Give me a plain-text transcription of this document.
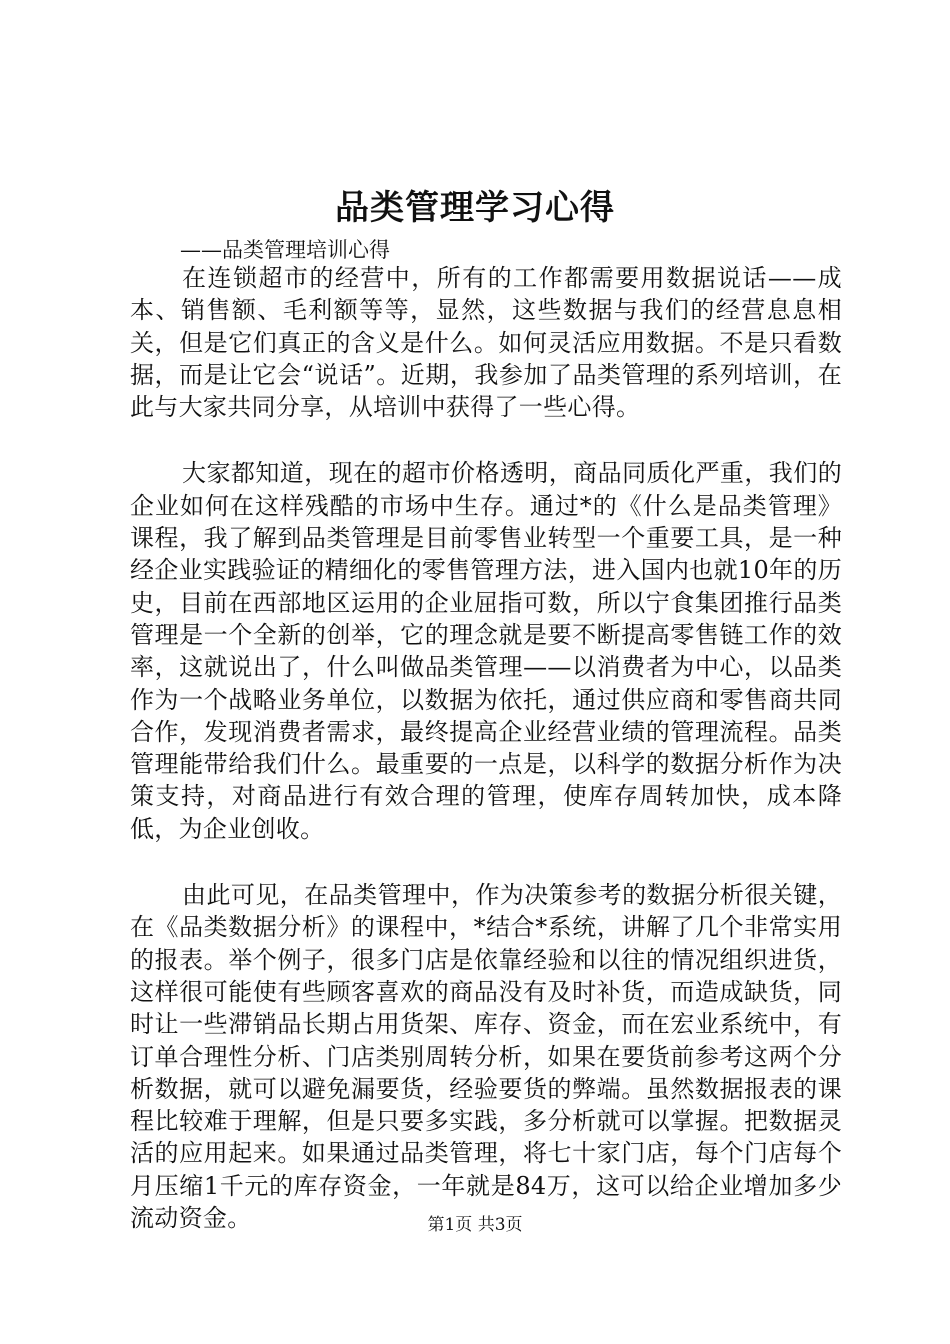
品类管理学习心得

——品类管理培训心得

在连锁超市的经营中，所有的工作都需要用数据说话——成本、销售额、毛利额等等，显然，这些数据与我们的经营息息相关，但是它们真正的含义是什么。如何灵活应用数据。不是只看数据，而是让它会“说话”。近期，我参加了品类管理的系列培训，在此与大家共同分享，从培训中获得了一些心得。

大家都知道，现在的超市价格透明，商品同质化严重，我们的企业如何在这样残酷的市场中生存。通过*的《什么是品类管理》课程，我了解到品类管理是目前零售业转型一个重要工具，是一种经企业实践验证的精细化的零售管理方法，进入国内也就10年的历史，目前在西部地区运用的企业屈指可数，所以宁食集团推行品类管理是一个全新的创举，它的理念就是要不断提高零售链工作的效率，这就说出了，什么叫做品类管理——以消费者为中心，以品类作为一个战略业务单位，以数据为依托，通过供应商和零售商共同合作，发现消费者需求，最终提高企业经营业绩的管理流程。品类管理能带给我们什么。最重要的一点是，以科学的数据分析作为决策支持，对商品进行有效合理的管理，使库存周转加快，成本降低，为企业创收。

由此可见，在品类管理中，作为决策参考的数据分析很关键，在《品类数据分析》的课程中，*结合*系统，讲解了几个非常实用的报表。举个例子，很多门店是依靠经验和以往的情况组织进货，这样很可能使有些顾客喜欢的商品没有及时补货，而造成缺货，同时让一些滞销品长期占用货架、库存、资金，而在宏业系统中，有订单合理性分析、门店类别周转分析，如果在要货前参考这两个分析数据，就可以避免漏要货，经验要货的弊端。虽然数据报表的课程比较难于理解，但是只要多实践，多分析就可以掌握。把数据灵活的应用起来。如果通过品类管理，将七十家门店，每个门店每个月压缩1千元的库存资金，一年就是84万，这可以给企业增加多少流动资金。	第1页 共3页
